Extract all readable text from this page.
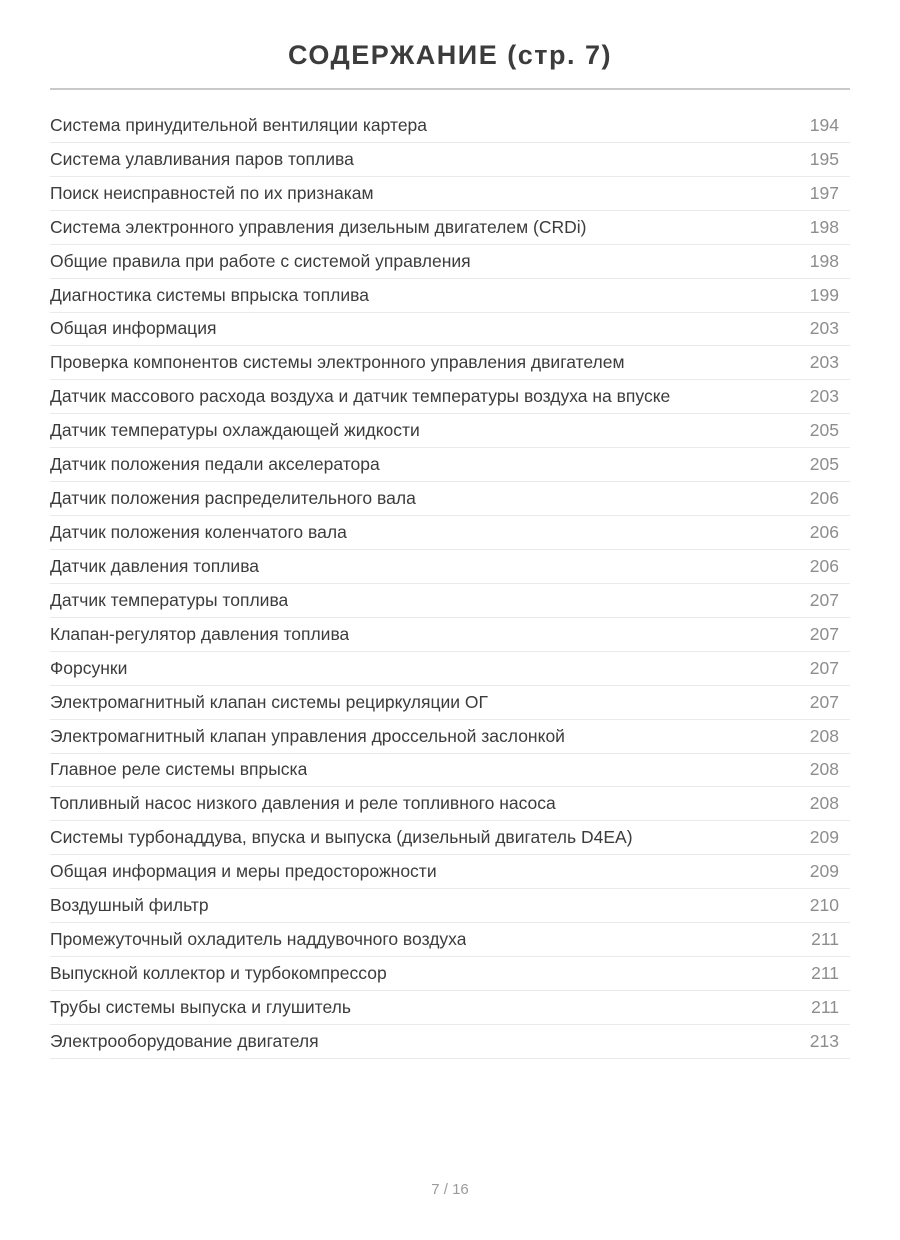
СОДЕРЖАНИЕ (стр. 7)
Система принудительной вентиляции картера	194
Система улавливания паров топлива	195
Поиск неисправностей по их признакам	197
Система электронного управления дизельным двигателем (CRDi)	198
Общие правила при работе с системой управления	198
Диагностика системы впрыска топлива	199
Общая информация	203
Проверка компонентов системы электронного управления двигателем	203
Датчик массового расхода воздуха и датчик температуры воздуха на впуске	203
Датчик температуры охлаждающей жидкости	205
Датчик положения педали акселератора	205
Датчик положения распределительного вала	206
Датчик положения коленчатого вала	206
Датчик давления топлива	206
Датчик температуры топлива	207
Клапан-регулятор давления топлива	207
Форсунки	207
Электромагнитный клапан системы рециркуляции ОГ	207
Электромагнитный клапан управления дроссельной заслонкой	208
Главное реле системы впрыска	208
Топливный насос низкого давления и реле топливного насоса	208
Системы турбонаддува, впуска и выпуска (дизельный двигатель D4EA)	209
Общая информация и меры предосторожности	209
Воздушный фильтр	210
Промежуточный охладитель наддувочного воздуха	211
Выпускной коллектор и турбокомпрессор	211
Трубы системы выпуска и глушитель	211
Электрооборудование двигателя	213
7 / 16
